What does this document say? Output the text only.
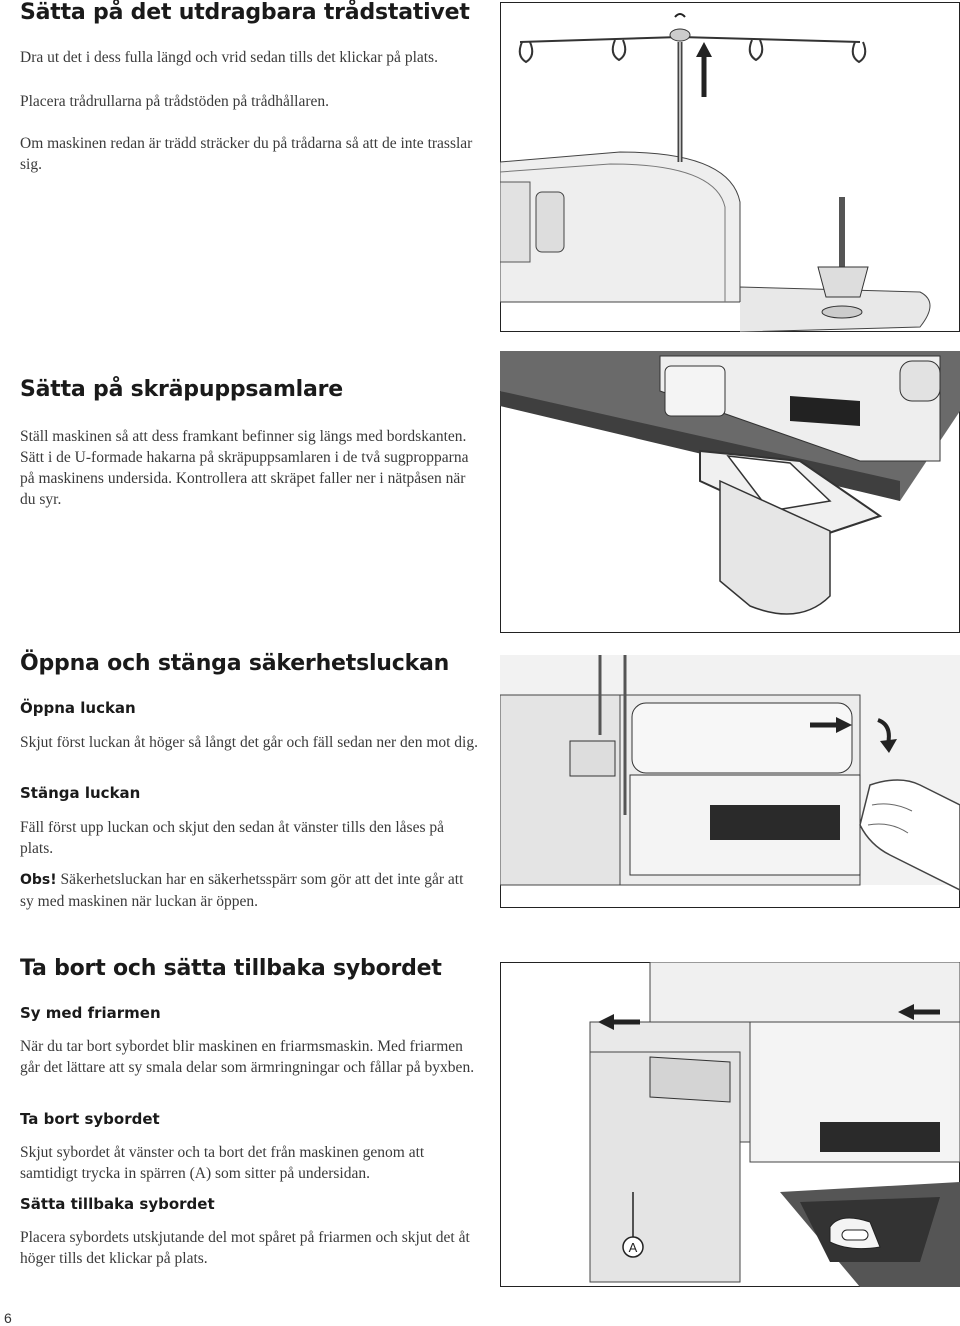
Sätta på det utdragbara trådstativet

Dra ut det i dess fulla längd och vrid sedan tills det klickar på plats.

Placera trådrullarna på trådstöden på trådhållaren.

Om maskinen redan är trädd sträcker du på trådarna så att de inte trasslar sig.

Sätta på skräpuppsamlare

Ställ maskinen så att dess framkant befinner sig längs med bordskanten. Sätt i de U-formade hakarna på skräpuppsamlaren i de två sugpropparna på maskinens undersida. Kontrollera att skräpet faller ner i nätpåsen när du syr.

Öppna och stänga säkerhetsluckan
Öppna luckan

Skjut först luckan åt höger så långt det går och fäll sedan ner den mot dig.

Stänga luckan

Fäll först upp luckan och skjut den sedan åt vänster tills den låses på plats.

Obs! Säkerhetsluckan har en säkerhetsspärr som gör att det inte går att sy med maskinen när luckan är öppen.

Ta bort och sätta tillbaka sybordet
Sy med friarmen

När du tar bort sybordet blir maskinen en friarmsmaskin. Med friarmen går det lättare att sy smala delar som ärmringningar och fållar på byxben.

Ta bort sybordet

Skjut sybordet åt vänster och ta bort det från maskinen genom att samtidigt trycka in spärren (A) som sitter på undersidan.

Sätta tillbaka sybordet

Placera sybordets utskjutande del mot spåret på friarmen och skjut det åt höger tills det klickar på plats.

A
6
